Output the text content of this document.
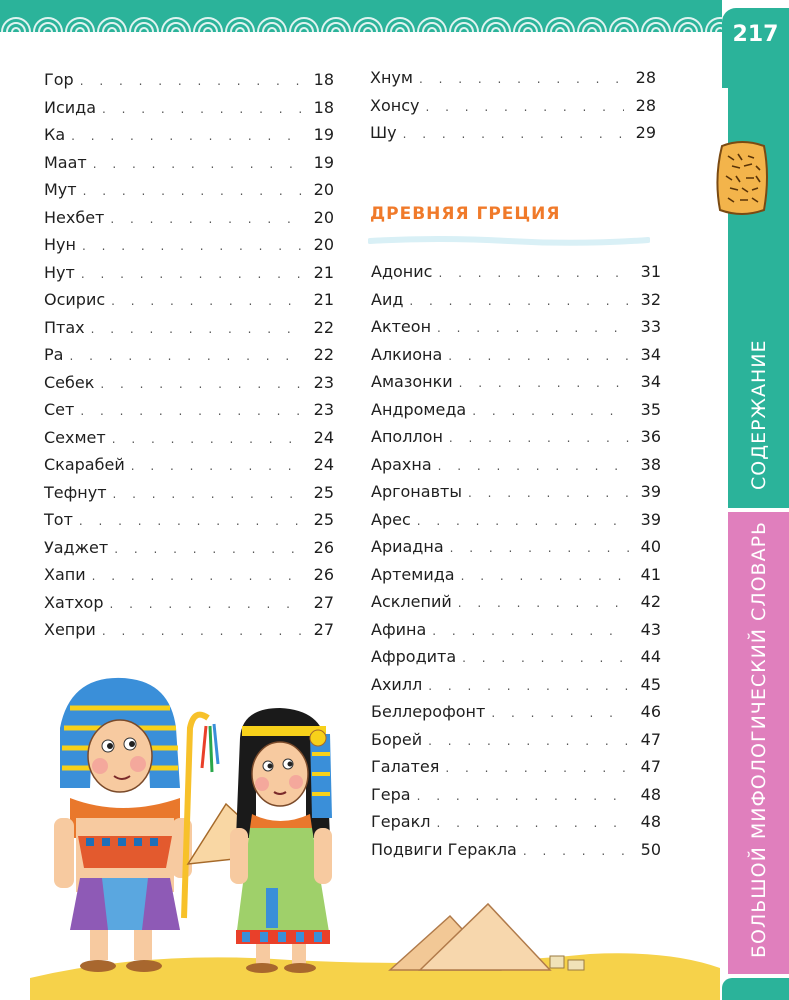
217
СОДЕРЖАНИЕ
БОЛЬШОЙ МИФОЛОГИЧЕСКИЙ СЛОВАРЬ
Гор . . .	18
Исида . . .	18
Ка . . .	19
Маат . . .	19
Мут . . .	20
Нехбет . . .	20
Нун . . .	20
Нут . . .	21
Осирис . . .	21
Птах . . .	22
Ра . . .	22
Себек . . .	23
Сет . . .	23
Сехмет . . .	24
Скарабей . . .	24
Тефнут . . .	25
Тот . . .	25
Уаджет . . .	26
Хапи . . .	26
Хатхор . . .	27
Хепри . . .	27
Хнум . . .	28
Хонсу . . .	28
Шу . . .	29
ДРЕВНЯЯ ГРЕЦИЯ
Адонис . . .	31
Аид . . .	32
Актеон . . .	33
Алкиона . . .	34
Амазонки . . .	34
Андромеда . . .	35
Аполлон . . .	36
Арахна . . .	38
Аргонавты . . .	39
Арес . . .	39
Ариадна . . .	40
Артемида . . .	41
Асклепий . . .	42
Афина . . .	43
Афродита . . .	44
Ахилл . . .	45
Беллерофонт . . .	46
Борей . . .	47
Галатея . . .	47
Гера . . .	48
Геракл . . .	48
Подвиги Геракла . . .	50
